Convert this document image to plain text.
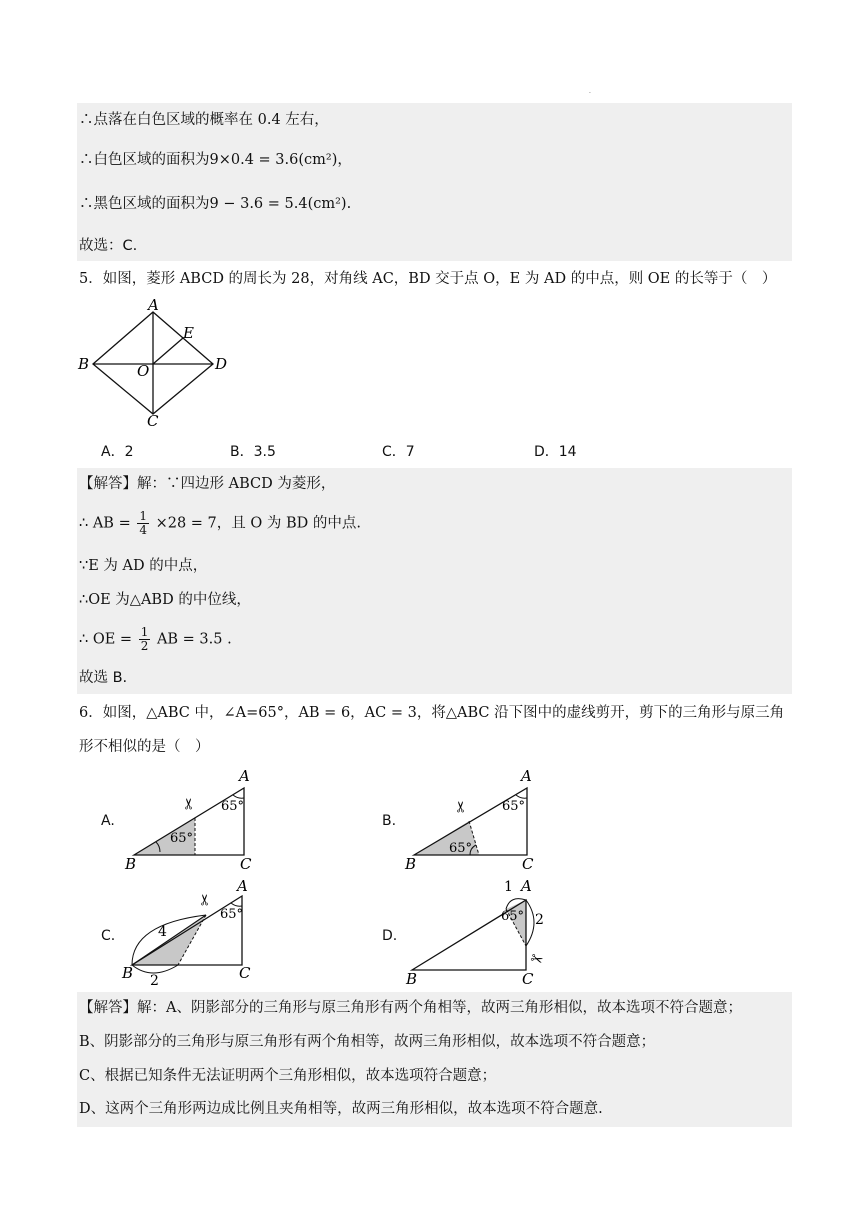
·
∴点落在白色区域的概率在 0.4 左右，
∴白色区域的面积为9×0.4 = 3.6(cm²)，
∴黑色区域的面积为9 − 3.6 = 5.4(cm²).
故选：C.
5．如图，菱形 ABCD 的周长为 28，对角线 AC，BD 交于点 O，E 为 AD 的中点，则 OE 的长等于（　）
A
B
C
D
E
O
A．2	B．3.5	C．7	D．14
【解答】解：∵四边形 ABCD 为菱形，
∴ AB = $\frac{1}{4} \times 28 = 7$，且 O 为 BD 的中点.
∵E 为 AD 的中点，
∴OE 为△ABD 的中位线，
∴ OE = $\frac{1}{2}$ AB = 3.5 .
故选 B.
6．如图，△ABC 中，∠A=65°，AB = 6，AC = 3，将△ABC 沿下图中的虚线剪开，剪下的三角形与原三角
形不相似的是（　）
A.
65°
65°
A
B	C
✂
B.
65°
65°
A
B	C
✂
C.
65°
4
2
A
B	C
✂
D.
1
2
65°
A
B	C
✂
【解答】解：A、阴影部分的三角形与原三角形有两个角相等，故两三角形相似，故本选项不符合题意；
B、阴影部分的三角形与原三角形有两个角相等，故两三角形相似，故本选项不符合题意；
C、根据已知条件无法证明两个三角形相似，故本选项符合题意；
D、这两个三角形两边成比例且夹角相等，故两三角形相似，故本选项不符合题意.
